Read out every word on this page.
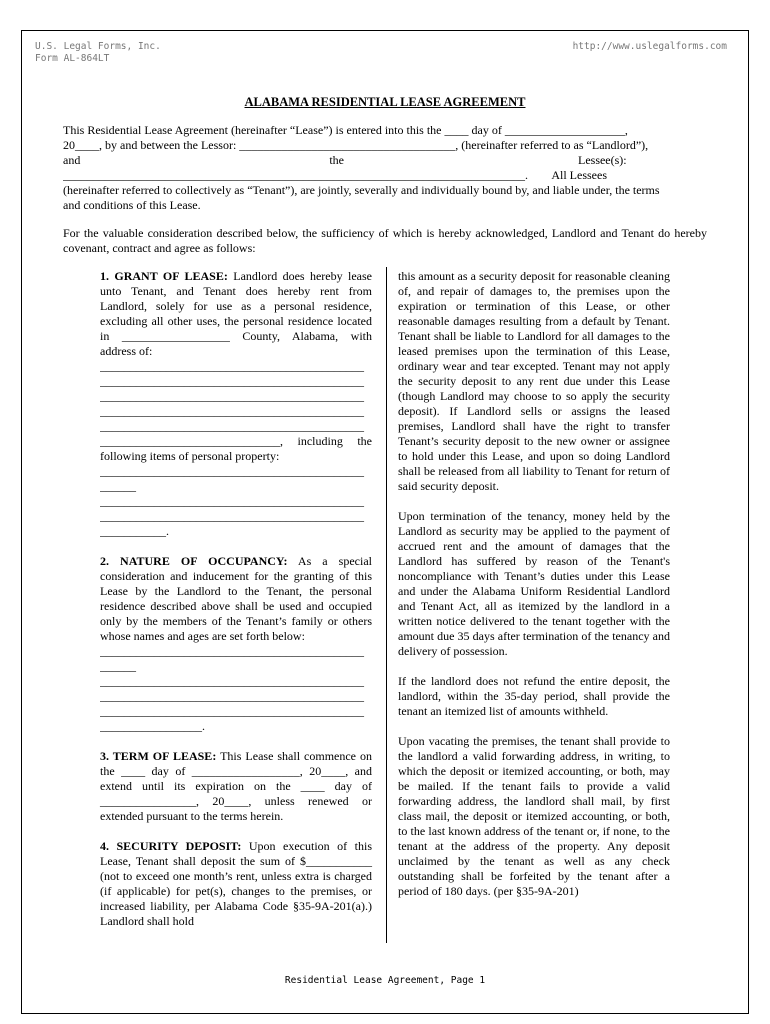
U.S. Legal Forms, Inc.
Form AL-864LT
http://www.uslegalforms.com
ALABAMA RESIDENTIAL LEASE AGREEMENT
This Residential Lease Agreement (hereinafter “Lease”) is entered into this the ____ day of ____________________,
20____, by and between the Lessor: ____________________________________, (hereinafter referred to as “Landlord”),
and                                                                                   the                                                                              Lessee(s):
_____________________________________________________________________________.        All Lessees
(hereinafter referred to collectively as “Tenant”), are jointly, severally and individually bound by, and liable under, the terms
and conditions of this Lease.

For the valuable consideration described below, the sufficiency of which is hereby acknowledged, Landlord and Tenant do hereby covenant, contract and agree as follows:

1. GRANT OF LEASE: Landlord does hereby lease unto Tenant, and Tenant does hereby rent from Landlord, solely for use as a personal residence, excluding all other uses, the personal residence located in __________________ County, Alabama, with address of:

____________________________________________
____________________________________________
____________________________________________
____________________________________________
____________________________________________
______________________________, including the
following items of personal property:
____________________________________________
______
____________________________________________
____________________________________________
___________.

2. NATURE OF OCCUPANCY: As a special consideration and inducement for the granting of this Lease by the Landlord to the Tenant, the personal residence described above shall be used and occupied only by the members of the Tenant’s family or others whose names and ages are set forth below:

____________________________________________
______
____________________________________________
____________________________________________
____________________________________________
_________________.

3. TERM OF LEASE: This Lease shall commence on the ____ day of __________________, 20____, and extend until its expiration on the ____ day of ________________, 20____, unless renewed or extended pursuant to the terms herein.

4. SECURITY DEPOSIT: Upon execution of this Lease, Tenant shall deposit the sum of $___________ (not to exceed one month’s rent, unless extra is charged (if applicable) for pet(s), changes to the premises, or increased liability, per Alabama Code §35-9A-201(a).) Landlord shall hold

this amount as a security deposit for reasonable cleaning of, and repair of damages to, the premises upon the expiration or termination of this Lease, or other reasonable damages resulting from a default by Tenant. Tenant shall be liable to Landlord for all damages to the leased premises upon the termination of this Lease, ordinary wear and tear excepted. Tenant may not apply the security deposit to any rent due under this Lease (though Landlord may choose to so apply the security deposit). If Landlord sells or assigns the leased premises, Landlord shall have the right to transfer Tenant’s security deposit to the new owner or assignee to hold under this Lease, and upon so doing Landlord shall be released from all liability to Tenant for return of said security deposit.

Upon termination of the tenancy, money held by the Landlord as security may be applied to the payment of accrued rent and the amount of damages that the Landlord has suffered by reason of the Tenant's noncompliance with Tenant’s duties under this Lease and under the Alabama Uniform Residential Landlord and Tenant Act, all as itemized by the landlord in a written notice delivered to the tenant together with the amount due 35 days after termination of the tenancy and delivery of possession.

If the landlord does not refund the entire deposit, the landlord, within the 35-day period, shall provide the tenant an itemized list of amounts withheld.

Upon vacating the premises, the tenant shall provide to the landlord a valid forwarding address, in writing, to which the deposit or itemized accounting, or both, may be mailed. If the tenant fails to provide a valid forwarding address, the landlord shall mail, by first class mail, the deposit or itemized accounting, or both, to the last known address of the tenant or, if none, to the tenant at the address of the property. Any deposit unclaimed by the tenant as well as any check outstanding shall be forfeited by the tenant after a period of 180 days. (per §35-9A-201)

Residential Lease Agreement, Page 1
